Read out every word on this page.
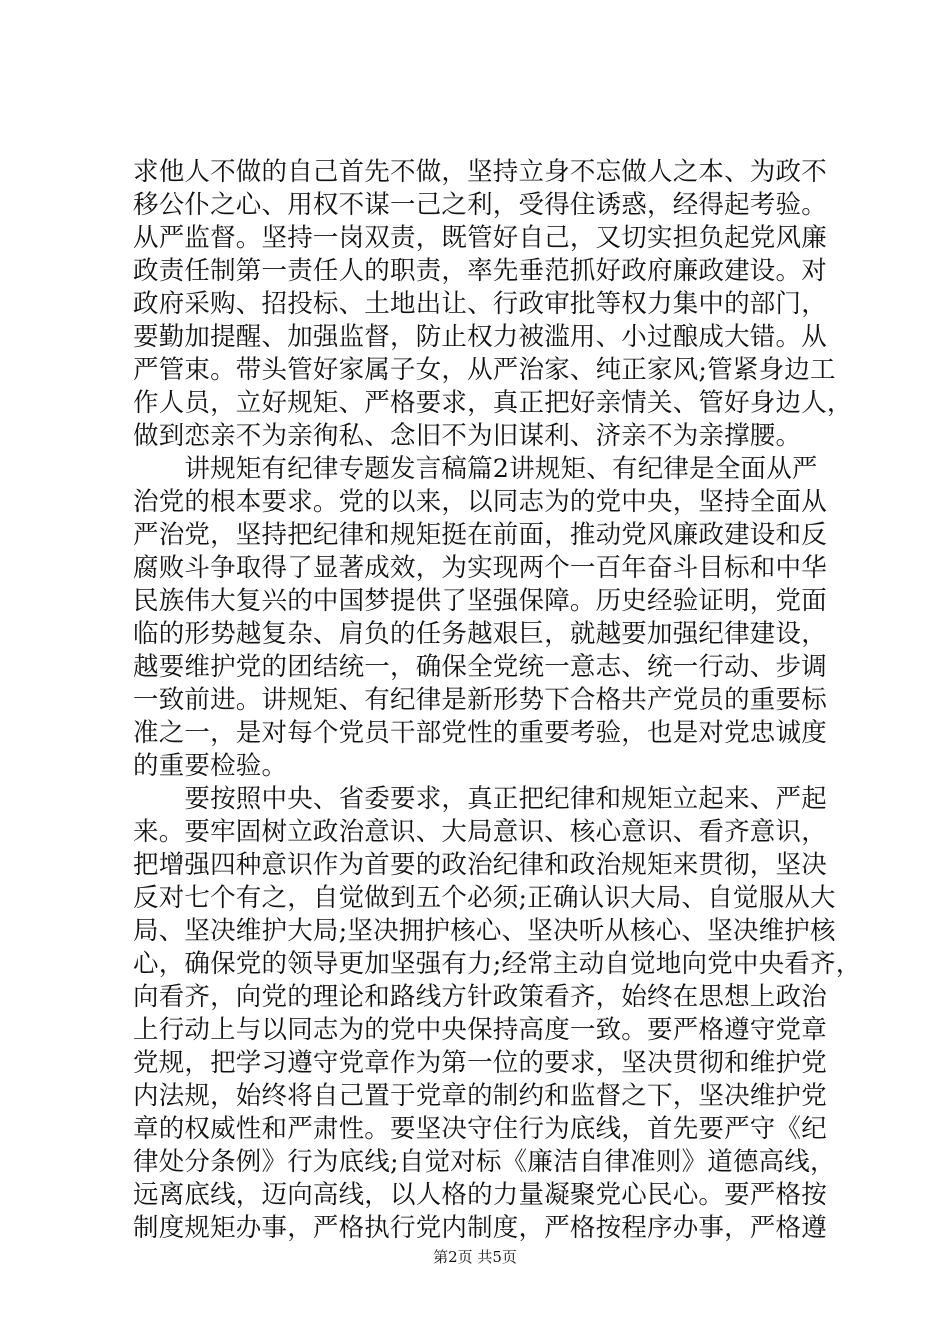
求他人不做的自己首先不做，坚持立身不忘做人之本、为政不
移公仆之心、用权不谋一己之利，受得住诱惑，经得起考验。
从严监督。坚持一岗双责，既管好自己，又切实担负起党风廉
政责任制第一责任人的职责，率先垂范抓好政府廉政建设。对
政府采购、招投标、土地出让、行政审批等权力集中的部门，
要勤加提醒、加强监督，防止权力被滥用、小过酿成大错。从
严管束。带头管好家属子女，从严治家、纯正家风;管紧身边工
作人员，立好规矩、严格要求，真正把好亲情关、管好身边人，
做到恋亲不为亲徇私、念旧不为旧谋利、济亲不为亲撑腰。
　　讲规矩有纪律专题发言稿篇2讲规矩、有纪律是全面从严
治党的根本要求。党的以来，以同志为的党中央，坚持全面从
严治党，坚持把纪律和规矩挺在前面，推动党风廉政建设和反
腐败斗争取得了显著成效，为实现两个一百年奋斗目标和中华
民族伟大复兴的中国梦提供了坚强保障。历史经验证明，党面
临的形势越复杂、肩负的任务越艰巨，就越要加强纪律建设，
越要维护党的团结统一，确保全党统一意志、统一行动、步调
一致前进。讲规矩、有纪律是新形势下合格共产党员的重要标
准之一，是对每个党员干部党性的重要考验，也是对党忠诚度
的重要检验。
　　要按照中央、省委要求，真正把纪律和规矩立起来、严起
来。要牢固树立政治意识、大局意识、核心意识、看齐意识，
把增强四种意识作为首要的政治纪律和政治规矩来贯彻，坚决
反对七个有之，自觉做到五个必须;正确认识大局、自觉服从大
局、坚决维护大局;坚决拥护核心、坚决听从核心、坚决维护核
心，确保党的领导更加坚强有力;经常主动自觉地向党中央看齐，
向看齐，向党的理论和路线方针政策看齐，始终在思想上政治
上行动上与以同志为的党中央保持高度一致。要严格遵守党章
党规，把学习遵守党章作为第一位的要求，坚决贯彻和维护党
内法规，始终将自己置于党章的制约和监督之下，坚决维护党
章的权威性和严肃性。要坚决守住行为底线，首先要严守《纪
律处分条例》行为底线;自觉对标《廉洁自律准则》道德高线，
远离底线，迈向高线，以人格的力量凝聚党心民心。要严格按
制度规矩办事，严格执行党内制度，严格按程序办事，严格遵
第2页 共5页
